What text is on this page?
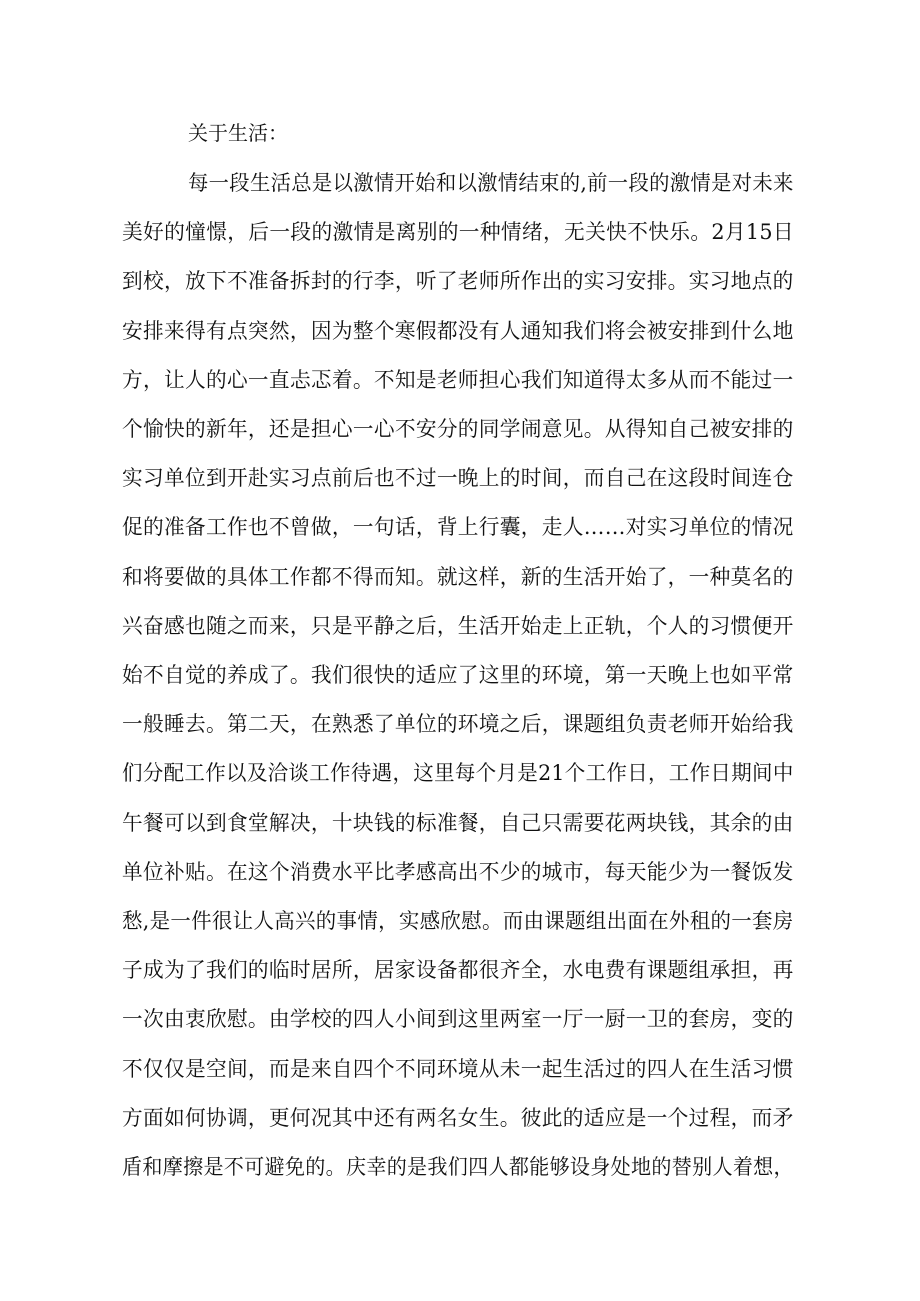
关于生活：
每一段生活总是以激情开始和以激情结束的,前一段的激情是对未来
美好的憧憬，后一段的激情是离别的一种情绪，无关快不快乐。2月15日
到校，放下不准备拆封的行李，听了老师所作出的实习安排。实习地点的
安排来得有点突然，因为整个寒假都没有人通知我们将会被安排到什么地
方，让人的心一直忐忑着。不知是老师担心我们知道得太多从而不能过一
个愉快的新年，还是担心一心不安分的同学闹意见。从得知自己被安排的
实习单位到开赴实习点前后也不过一晚上的时间，而自己在这段时间连仓
促的准备工作也不曾做，一句话，背上行囊，走人……对实习单位的情况
和将要做的具体工作都不得而知。就这样，新的生活开始了，一种莫名的
兴奋感也随之而来，只是平静之后，生活开始走上正轨，个人的习惯便开
始不自觉的养成了。我们很快的适应了这里的环境，第一天晚上也如平常
一般睡去。第二天，在熟悉了单位的环境之后，课题组负责老师开始给我
们分配工作以及洽谈工作待遇，这里每个月是21个工作日，工作日期间中
午餐可以到食堂解决，十块钱的标准餐，自己只需要花两块钱，其余的由
单位补贴。在这个消费水平比孝感高出不少的城市，每天能少为一餐饭发
愁,是一件很让人高兴的事情，实感欣慰。而由课题组出面在外租的一套房
子成为了我们的临时居所，居家设备都很齐全，水电费有课题组承担，再
一次由衷欣慰。由学校的四人小间到这里两室一厅一厨一卫的套房，变的
不仅仅是空间，而是来自四个不同环境从未一起生活过的四人在生活习惯
方面如何协调，更何况其中还有两名女生。彼此的适应是一个过程，而矛
盾和摩擦是不可避免的。庆幸的是我们四人都能够设身处地的替别人着想，
